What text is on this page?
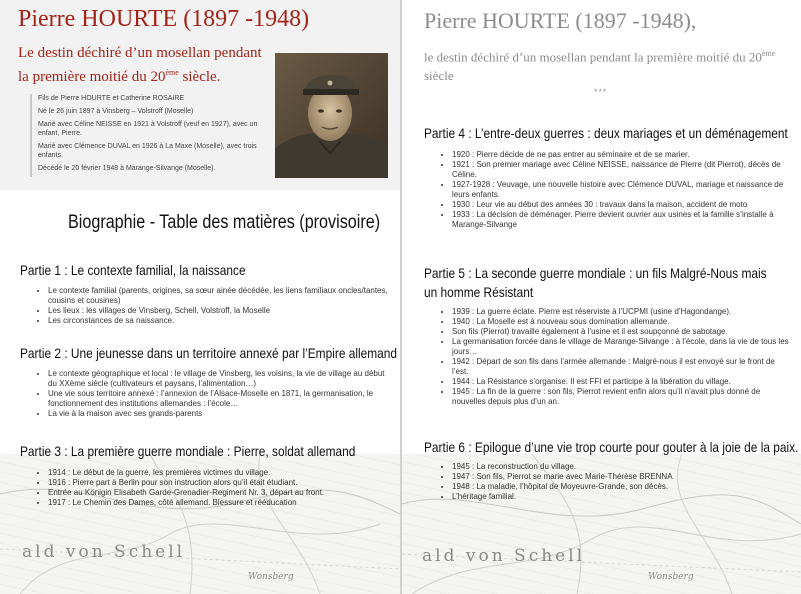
ald von Schell
Wonsberg
Pierre HOURTE (1897 -1948)
Le destin déchiré d’un mosellan pendant la première moitié du 20ème siècle.

Fils de Pierre HOURTE et Catherine ROSAIRE

Né le 26 juin 1897 à Vinsberg – Volstroff (Moselle)

Marié avec Céline NEISSE en 1921 à Volstroff (veuf en 1927), avec un enfant, Pierre.

Marié avec Clémence DUVAL en 1926 à La Maxe (Moselle), avec trois enfants.

Décédé le 20 février 1948 à Marange-Silvange (Moselle).

Biographie - Table des matières (provisoire)
Partie 1 : Le contexte familial, la naissance
• Le contexte familial (parents, origines, sa sœur ainée décédée, les liens familiaux oncles/tantes, cousins et cousines)
• Les lieux : les villages de Vinsberg, Schell, Volstroff, la Moselle
• Les circonstances de sa naissance.
Partie 2 : Une jeunesse dans un territoire annexé par l’Empire allemand
• Le contexte géographique et local : le village de Vinsberg, les voisins, la vie de village au début du XXème siècle (cultivateurs et paysans, l’alimentation…)
• Une vie sous territoire annexé : l’annexion de l’Alsace-Moselle en 1871, la germanisation, le fonctionnement des institutions allemandes : l’école…
• La vie à la maison avec ses grands-parents
Partie 3 : La première guerre mondiale : Pierre, soldat allemand
• 1914 : Le début de la guerre, les premières victimes du village.
• 1916 : Pierre part à Berlin pour son instruction alors qu’il était étudiant.
• Entrée au Königin Elisabeth Garde-Grenadier-Regiment Nr. 3, départ au front.
• 1917 : Le Chemin des Dames, côté allemand. Blessure et rééducation
ald von Schell
Wonsberg
Pierre HOURTE (1897 -1948),
le destin déchiré d’un mosellan pendant la première moitié du 20ème siècle
***
Partie 4 : L’entre-deux guerres : deux mariages et un déménagement
• 1920 : Pierre décide de ne pas entrer au séminaire et de se marier.
• 1921 : Son premier mariage avec Céline NEISSE, naissance de Pierre (dit Pierrot), décès de Céline.
• 1927-1928 : Veuvage, une nouvelle histoire avec Clémence DUVAL, mariage et naissance de leurs enfants.
• 1930 : Leur vie au début des années 30 : travaux dans la maison, accident de moto
• 1933 : La décision de déménager. Pierre devient ouvrier aux usines et la famille s’installe à Marange-Silvange
Partie 5 : La seconde guerre mondiale : un fils Malgré-Nous mais un homme Résistant
• 1939 : La guerre éclate. Pierre est réserviste à l’UCPMI (usine d’Hagondange).
• 1940 : La Moselle est à nouveau sous domination allemande.
• Son fils (Pierrot) travaille également à l’usine et il est soupçonné de sabotage.
• La germanisation forcée dans le village de Marange-Silvange : à l’école, dans la vie de tous les jours…
• 1942 : Départ de son fils dans l’armée allemande : Malgré-nous il est envoyé sur le front de l’est.
• 1944 : La Résistance s’organise. Il est FFI et participe à la libération du village.
• 1945 : La fin de la guerre : son fils, Pierrot revient enfin alors qu’il n’avait plus donné de nouvelles depuis plus d’un an.
Partie 6 : Epilogue d’une vie trop courte pour gouter à la joie de la paix.
• 1945 : La reconstruction du village.
• 1947 : Son fils, Pierrot se marie avec Marie-Thérèse BRENNA
• 1948 : La maladie, l’hôpital de Moyeuvre-Grande, son décès.
• L’héritage familial.
